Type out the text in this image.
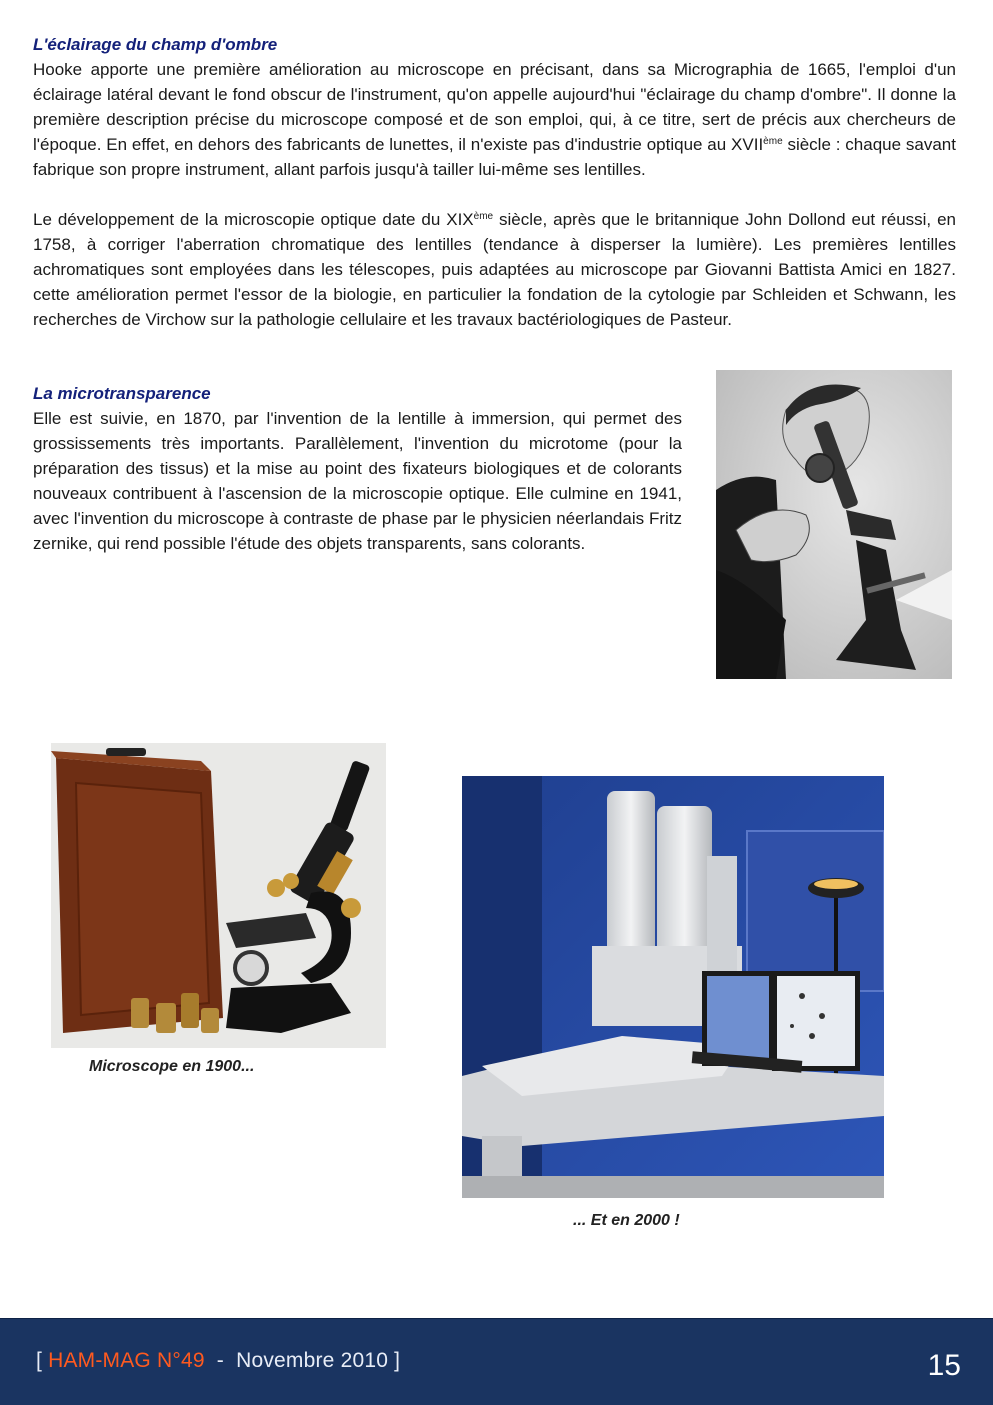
L'éclairage du champ d'ombre

Hooke apporte une première amélioration au microscope en précisant, dans sa Micrographia de 1665, l'emploi d'un éclairage latéral devant le fond obscur de l'instrument, qu'on appelle aujourd'hui "éclairage du champ d'ombre". Il donne la première description précise du microscope composé et de son emploi, qui, à ce titre, sert de précis aux chercheurs de l'époque. En effet, en dehors des fabricants de lunettes, il n'existe pas d'industrie optique au XVIIème siècle : chaque savant fabrique son propre instrument, allant parfois jusqu'à tailler lui-même ses lentilles.

Le développement de la microscopie optique date du XIXème siècle, après que le britannique John Dollond eut réussi, en 1758, à corriger l'aberration chromatique des lentilles (tendance à disperser la lumière). Les premières lentilles achromatiques sont employées dans les télescopes, puis adaptées au microscope par Giovanni Battista Amici en 1827. cette amélioration permet l'essor de la biologie, en particulier la fondation de la cytologie par Schleiden et Schwann, les recherches de Virchow sur la pathologie cellulaire et les travaux bactériologiques de Pasteur.

La microtransparence

Elle est suivie, en 1870, par l'invention de la lentille à immersion, qui permet des grossissements très importants. Parallèlement, l'invention du microtome (pour la préparation des tissus) et la mise au point des fixateurs biologiques et de colorants nouveaux contribuent à l'ascension de la microscopie optique. Elle culmine en 1941, avec l'invention du microscope à contraste de phase par le physicien néerlandais Fritz zernike, qui rend possible l'étude des objets transparents, sans colorants.

Microscope en 1900...
... Et en 2000 !
[ HAM-MAG N°49  -  Novembre 2010 ]	15
